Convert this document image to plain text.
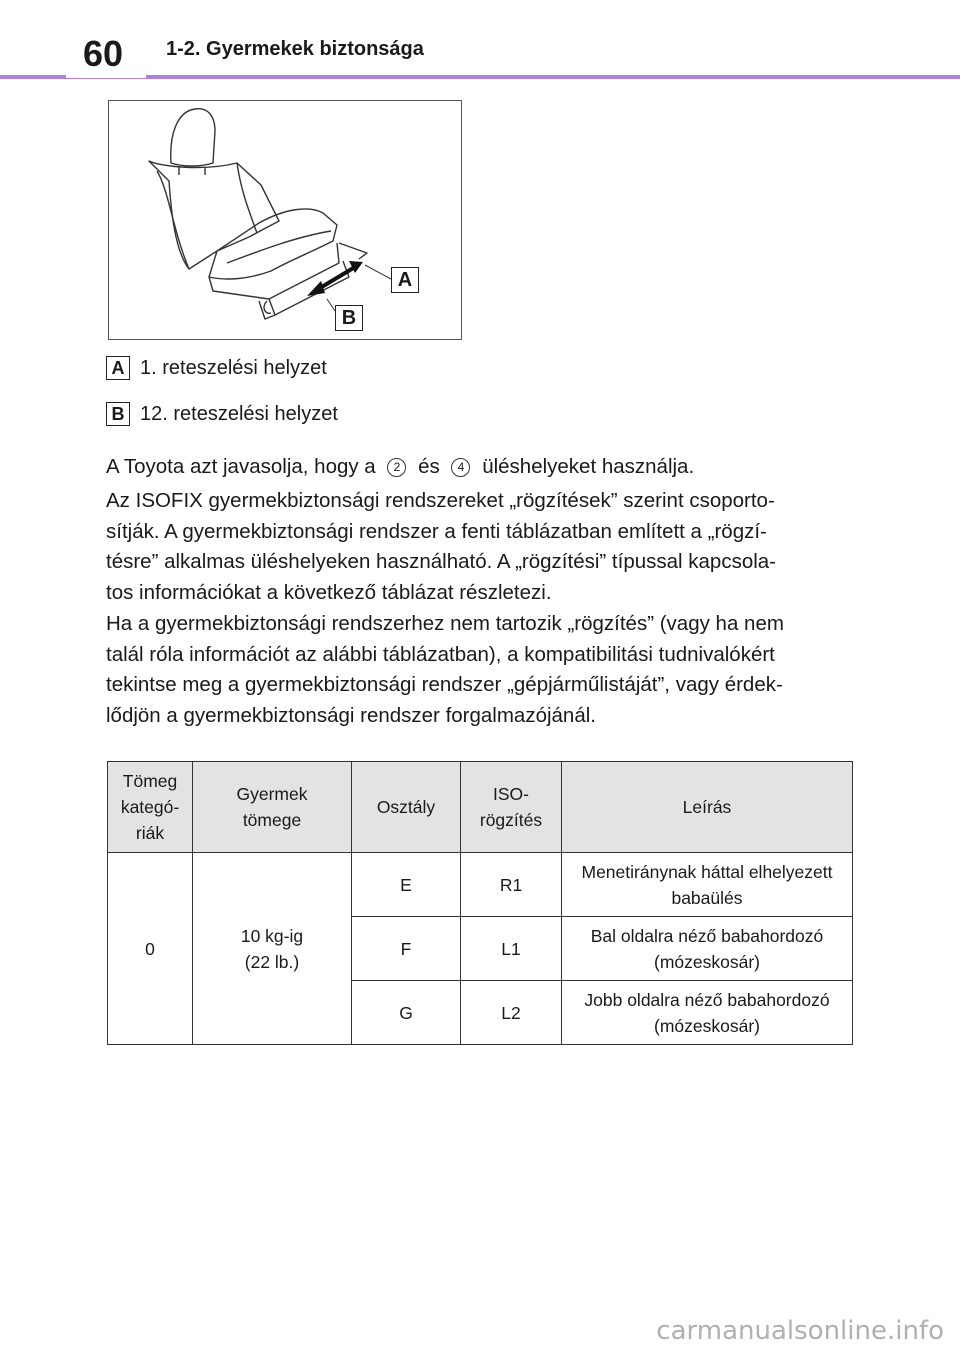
60	1-2. Gyermekek biztonsága
A
B
A 1. reteszelési helyzet
B 12. reteszelési helyzet
A Toyota azt javasolja, hogy a 2 és 4 üléshelyeket használja.

Az ISOFIX gyermekbiztonsági rendszereket „rögzítések” szerint csoporto-

sítják. A gyermekbiztonsági rendszer a fenti táblázatban említett a „rögzí-

tésre” alkalmas üléshelyeken használható. A „rögzítési” típussal kapcsola-

tos információkat a következő táblázat részletezi.

Ha a gyermekbiztonsági rendszerhez nem tartozik „rögzítés” (vagy ha nem

talál róla információt az alábbi táblázatban), a kompatibilitási tudnivalókért

tekintse meg a gyermekbiztonsági rendszer „gépjárműlistáját”, vagy érdek-

lődjön a gyermekbiztonsági rendszer forgalmazójánál.

Tömeg
kategó-
riák	Gyermek
tömege	Osztály	ISO-
rögzítés	Leírás
0	10 kg-ig
(22 lb.)	E	R1	Menetiránynak háttal elhelyezett
babaülés
		F	L1	Bal oldalra néző babahordozó
(mózeskosár)
		G	L2	Jobb oldalra néző babahordozó
(mózeskosár)
carmanualsonline.info
